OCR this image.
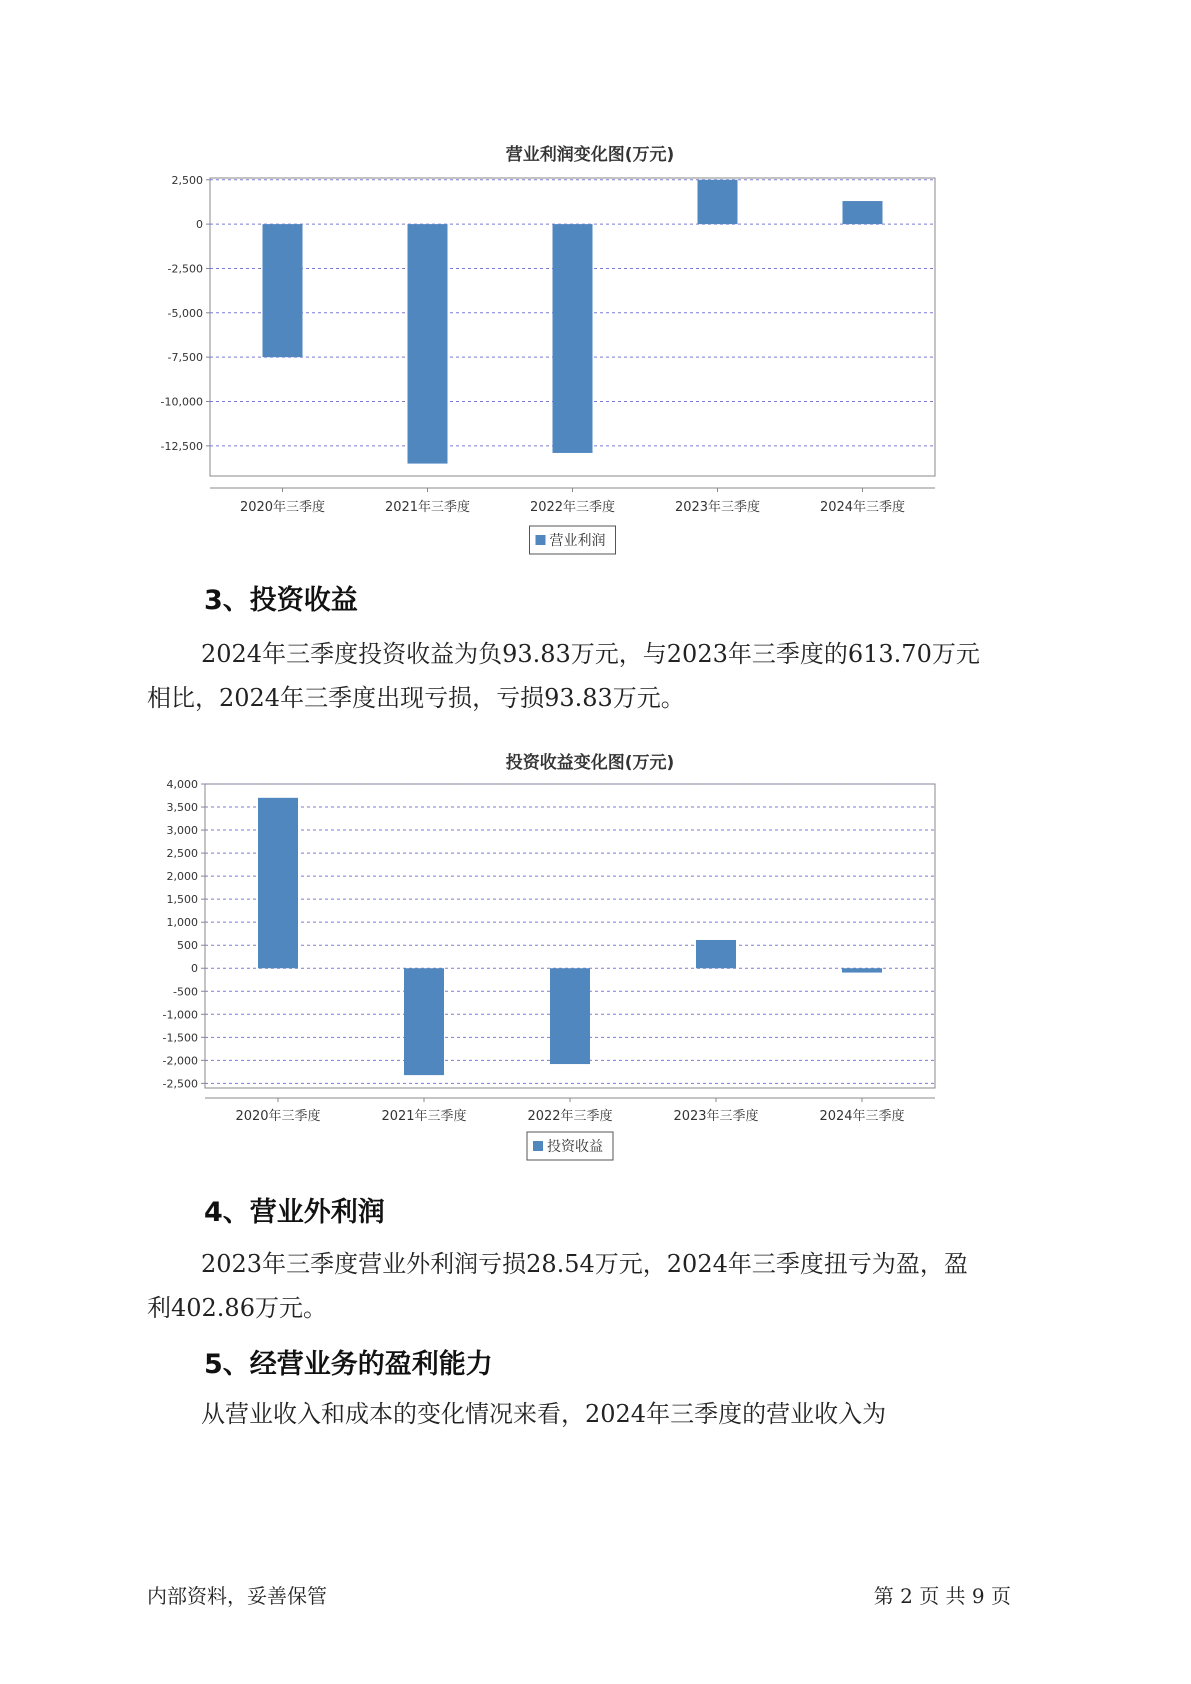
营业利润变化图(万元)
2,500
0
-2,500
-5,000
-7,500
-10,000
-12,500
2020年三季度	2021年三季度	2022年三季度	2023年三季度	2024年三季度
营业利润
3、投资收益
2024年三季度投资收益为负93.83万元，与2023年三季度的613.70万元
相比，2024年三季度出现亏损，亏损93.83万元。
投资收益变化图(万元)
4,000
3,500
3,000
2,500
2,000
1,500
1,000
500
0
-500
-1,000
-1,500
-2,000
-2,500
2020年三季度	2021年三季度	2022年三季度	2023年三季度	2024年三季度
投资收益
4、营业外利润
2023年三季度营业外利润亏损28.54万元，2024年三季度扭亏为盈，盈
利402.86万元。
5、经营业务的盈利能力
从营业收入和成本的变化情况来看，2024年三季度的营业收入为
内部资料，妥善保管	第 2 页 共 9 页
